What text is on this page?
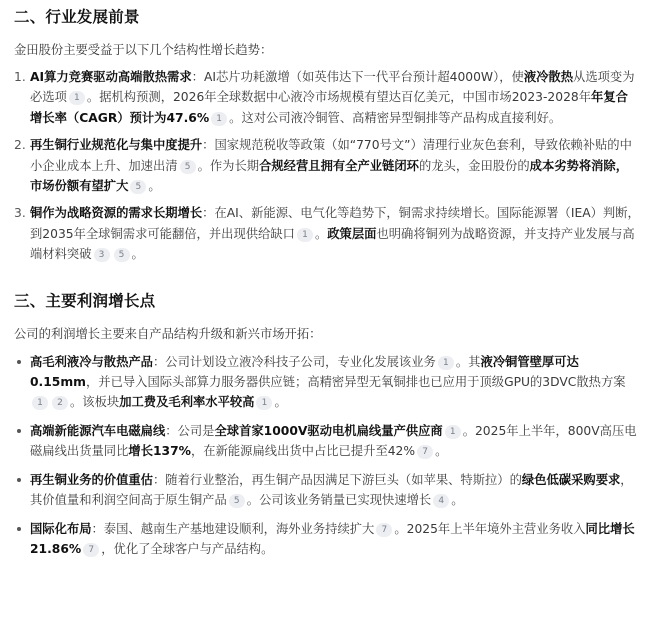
二、行业发展前景
金田股份主要受益于以下几个结构性增长趋势：
1. AI算力竞赛驱动高端散热需求：AI芯片功耗激增（如英伟达下一代平台预计超4000W），使液冷散热从选项变为必选项 1 。据机构预测，2026年全球数据中心液冷市场规模有望达百亿美元，中国市场2023-2028年年复合增长率（CAGR）预计为47.6% 1 。这对公司液冷铜管、高精密异型铜排等产品构成直接利好。
2. 再生铜行业规范化与集中度提升：国家规范税收等政策（如“770号文”）清理行业灰色套利，导致依赖补贴的中小企业成本上升、加速出清 5 。作为长期合规经营且拥有全产业链闭环的龙头，金田股份的成本劣势将消除，市场份额有望扩大 5 。
3. 铜作为战略资源的需求长期增长：在AI、新能源、电气化等趋势下，铜需求持续增长。国际能源署（IEA）判断，到2035年全球铜需求可能翻倍，并出现供给缺口 1 。政策层面也明确将铜列为战略资源，并支持产业发展与高端材料突破 3 5 。
三、主要利润增长点
公司的利润增长主要来自产品结构升级和新兴市场开拓：
高毛利液冷与散热产品：公司计划设立液冷科技子公司，专业化发展该业务 1 。其液冷铜管壁厚可达0.15mm，并已导入国际头部算力服务器供应链；高精密异型无氧铜排也已应用于顶级GPU的3DVC散热方案1 2 。该板块加工费及毛利率水平较高 1 。
高端新能源汽车电磁扁线：公司是全球首家1000V驱动电机扁线量产供应商 1 。2025年上半年，800V高压电磁扁线出货量同比增长137%，在新能源扁线出货中占比已提升至42% 7 。
再生铜业务的价值重估：随着行业整治，再生铜产品因满足下游巨头（如苹果、特斯拉）的绿色低碳采购要求，其价值量和利润空间高于原生铜产品 5 。公司该业务销量已实现快速增长 4 。
国际化布局：泰国、越南生产基地建设顺利，海外业务持续扩大 7 。2025年上半年境外主营业务收入同比增长21.86% 7 ，优化了全球客户与产品结构。
